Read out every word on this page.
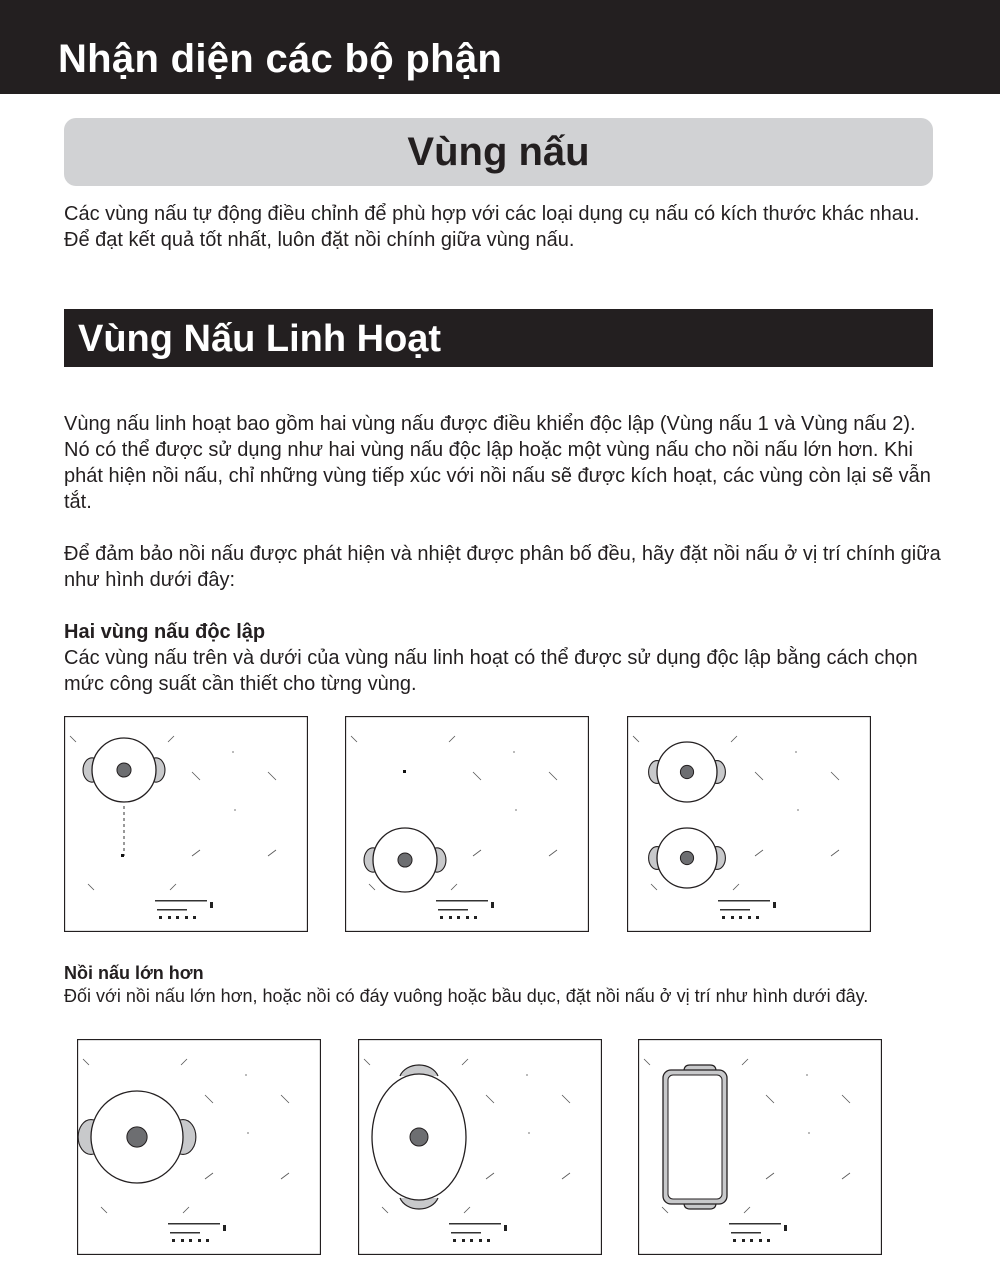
Nhận diện các bộ phận
Vùng nấu

Các vùng nấu tự động điều chỉnh để phù hợp với các loại dụng cụ nấu có kích thước khác nhau. Để đạt kết quả tốt nhất, luôn đặt nồi chính giữa vùng nấu.

Vùng Nấu Linh Hoạt

Vùng nấu linh hoạt bao gồm hai vùng nấu được điều khiển độc lập (Vùng nấu 1 và Vùng nấu 2). Nó có thể được sử dụng như hai vùng nấu độc lập hoặc một vùng nấu cho nồi nấu lớn hơn. Khi phát hiện nồi nấu, chỉ những vùng tiếp xúc với nồi nấu sẽ được kích hoạt, các vùng còn lại sẽ vẫn tắt.

Để đảm bảo nồi nấu được phát hiện và nhiệt được phân bố đều, hãy đặt nồi nấu ở vị trí chính giữa như hình dưới đây:

Hai vùng nấu độc lập

Các vùng nấu trên và dưới của vùng nấu linh hoạt có thể được sử dụng độc lập bằng cách chọn mức công suất cần thiết cho từng vùng.

Nồi nấu lớn hơn

Đối với nồi nấu lớn hơn, hoặc nồi có đáy vuông hoặc bầu dục, đặt nồi nấu ở vị trí như hình dưới đây.
